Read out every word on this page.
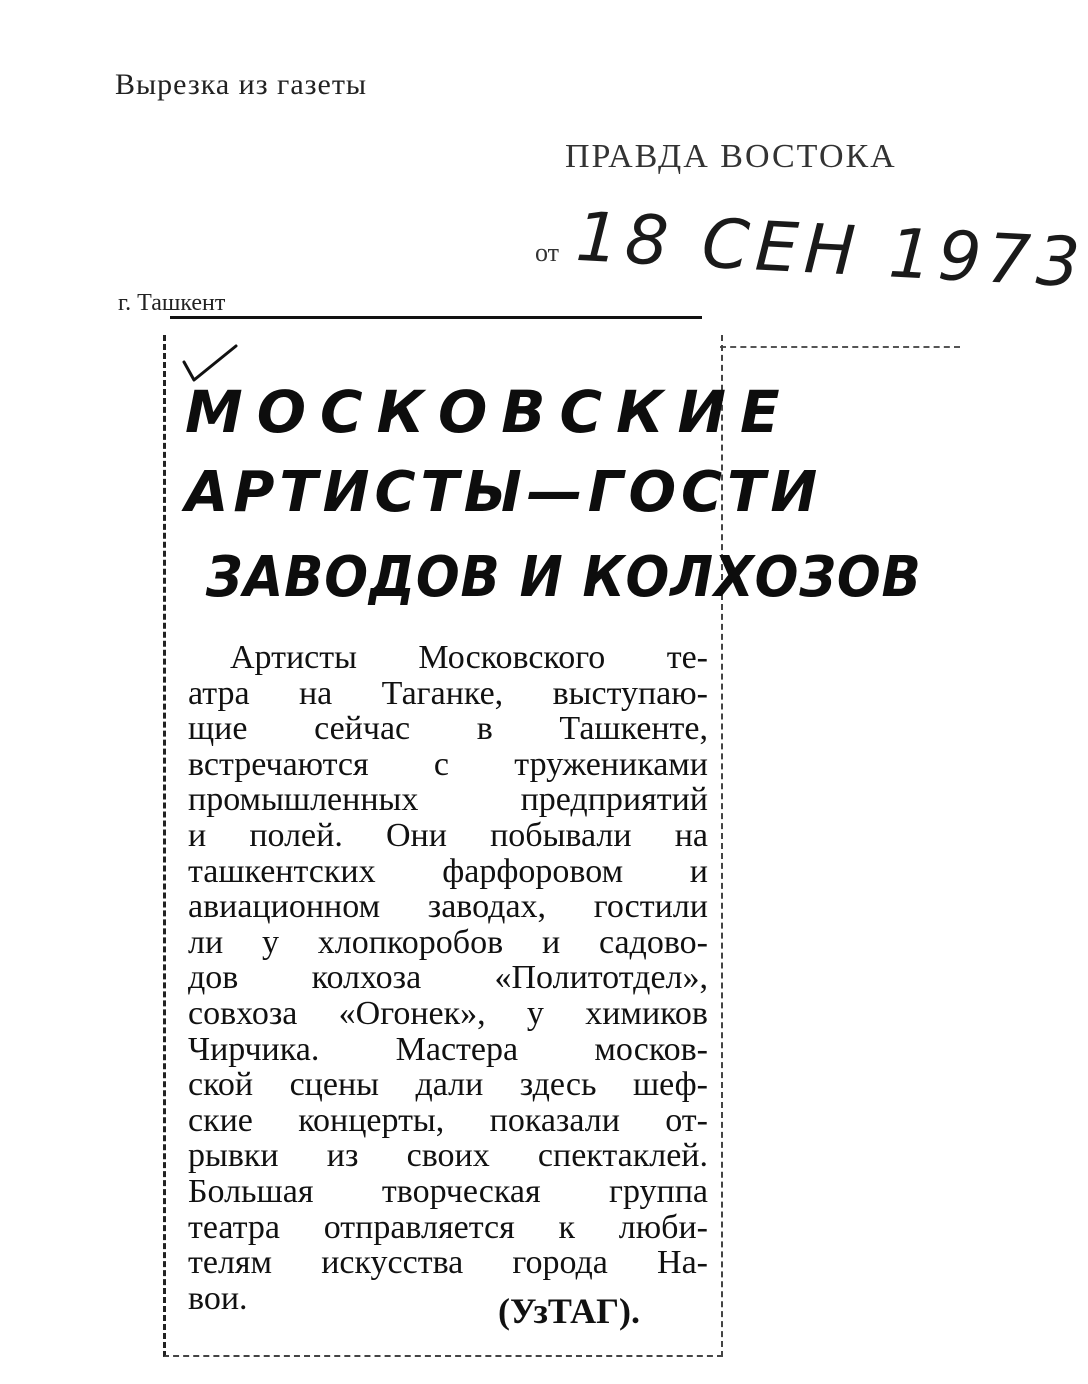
Вырезка из газеты
ПРАВДА ВОСТОКА
от 18 СЕН 1973
г. Ташкент
МОСКОВСКИЕ
АРТИСТЫ—ГОСТИ
ЗАВОДОВ И КОЛХОЗОВ
Артисты Московского те-
атра на Таганке, выступаю-
щие сейчас в Ташкенте,
встречаются с тружениками
промышленных предприятий
и полей. Они побывали на
ташкентских фарфоровом и
авиационном заводах, гостили
ли у хлопкоробов и садово-
дов колхоза «Политотдел»,
совхоза «Огонек», у химиков
Чирчика. Мастера москов-
ской сцены дали здесь шеф-
ские концерты, показали от-
рывки из своих спектаклей.
Большая творческая группа
театра отправляется к люби-
телям искусства города На-
вои.	(УзТАГ).
